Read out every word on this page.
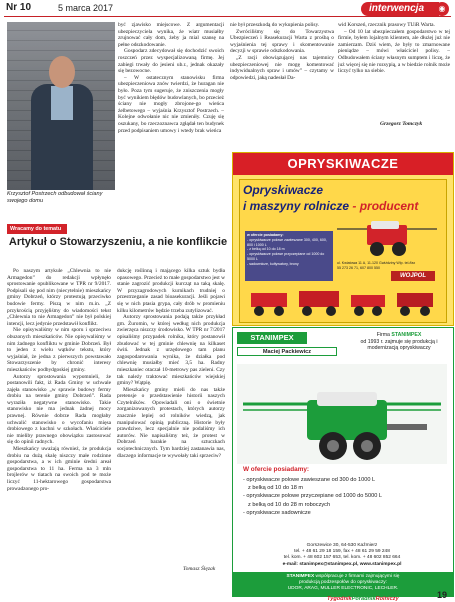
Nr 10	5 marca 2017	interwencja	◉
Krzysztof Postrzech odbudował ściany swojego domu

być zjawisko miejscowe. Z argumentacji ubezpieczyciela wynika, że wiatr musiałby zrujnować cały dom, żeby ja mial szansę na pełne odszkodowanie.

Gospodarz zdecydował się dochodzić swoich roszczeń przez wyspecjalizowaną firmę. Jej zabiegi trwały do jesieni ub.r., jednak okazały się bezowocne.

– W ostatecznym stanowisku firma ubezpieczeniowa znów twierdzi, że huragan nie było. Poza tym sugeruje, że zniszczenia mogły być wynikiem błędów budowlanych, bo przecież ściany nie mogły zbrojone-go wieńca żelbetowego – wyjaśnia Krzysztof Postrzech. – Kolejne odwołanie nic nie zmieniły. Czuję się oszukany, bo rzeczoznawca zgłądał ten budynek przed podpisaniem umowy i wtedy brak wieńca

nie był przeszkodą do wykupienia polisy.

Zwróciliśmy się do Towarzystwa Ubezpieczeń i Reasekuracji Warta z prośbą o wyjaśnienia tej sprawy i skomentowanie decyzji w sprawie odszkodowania.

„Z racji obowiązującej nas tajemnicy ubezpieczeniowej nie mogę komentować indywidualnych spraw i umów” – czytamy w odpowiedzi, jaką nadesłał Da-

wid Korszeń, rzecznik prasowy TUiR Warta.

– Od 10 lat ubezpieczałem gospodarstwo w tej firmie, byłem lojalnym klientem, ale dłużej już nie zamierzam. Dziś wiem, że były to zmarnowane pieniądze – mówi właściciel polisy. – Odbudowałem ściany własnym sumptem i liczę, że już więcej się nie rozsypią, a w biedzie rolnik może liczyć tylko na siebie.

Grzegorz Tomczyk
Wracamy do tematu
Artykuł o Stowarzyszeniu, a nie konflikcie

Po naszym artykule „Chlewnia to nie Armagedon” do redakcji wpłynęło sprostowanie opublikowane w TPR nr 9/2017. Podpisali się pod nim (niecytelnie) mieszkańcy gminy Dobrzeń, którzy protestują przeciwko budowie fermy. Piszą w nim m.in. „Z przykrością przyjęliśmy do wiadomości tekst „Chlewnia to nie Armagedon” nie był polskiej intencji, lecz jedynie przedstawił konflikt.

Nie opisywaliśmy w nim sporu i sprzeciwu obuzonych mieszkańców. Nie opisywaliśmy w nim żadnego konfliktu w gminie Dobrzeń. Był to jeden z wielu wątków tekstu, który wyjaśniał, że jedna z pierwszych powstawało Stowarzyszenie by chronić interesy mieszkańców podbydgoskiej gminy.

Autorzy sprostowania wypomnieli, że postanowili fakt, iż Rada Gminy w uchwale zajęła stanowisko „w sprawie budowy fermy drobiu na terenie gminy Dobrzeń”. Rada wyraziła negatywne stanowisko. Takie stanowisko nie ma jednak żadnej mocy prawnej. Równie dobrze Rada mogłaby uchwalić stanowisko o wycofaniu mięsa drobiowego z kuchni w szkołach. Właściciele nie mieliby prawnego obowiązku zastosować się do opinii radnych.

Mieszkańcy uważają również, że produkcja drobiu na dużą skalę niszczy małe rodzinne gospodarstwa, a w ich gminie średni areał gospodarstwa to 11 ha. Ferma na 3 mln brojlerów w tiatach na swoich pod te może liczyć 11-hektarowego gospodarstwa prowadzonego pro-

dukcję roślinną i mającego kilka sztuk bydła opasowego. Przecież to małe gospodarstwo jest w stanie zagrozić produkcji kurcząt na taką skalę. W przyzagrodowych kurnikach trudniej o przestrzeganie zasad bioasekuracji. Jeśli pojawi się w nich ptasia grypa, cały drób w promieniu kilku kilometrów będzie trzeba zutylizować.

Autorzy sprostowania podają także przykład gm. Żuromin, w której według nich produkcja zwierzęca niszczy środowisko. W TPR nr 7/2017 opisaliśmy przypadek rolnika, który postanowił zbudować w tej gminie chlewnię na kilkaset świń. Jednak z urzędowego tam planu zagospodarowania wynika, że działka pod chlewnię musiałby mieć 3,5 ha. Radny mieszkaniec otaczał 10-metrowy pas zieleni. Czy tak należy traktować mieszkańców wiejskiej gminy? Wątpię.

Mieszkańcy gminy mieli do nas także pretensje o przedstawienie historii naszych Czytelników. Opowiadali oni o świetnie zorganizowanych protestach, których autorzy znacznie lepiej od rolników wiedzą, jak manipulować opinią publiczną. Historie były prawdziwe, lecz specjalnie nie podaliśmy ich autorów. Nie napisaliśmy też, że protest w Dobrzeń barakie na sztuczkach socjotechnicznych. Tym bardziej zastanawia nas, dlaczego informacje te wywołały taki sprzeciw?

Tomasz Ślęzak
OPRYSKIWACZE
Opryskiwacze
i maszyny rolnicze - producent
w ofercie posiadamy:
- opryskiwacze polowe zawieszane 300, 400, 600, 800 i 1000 L
- z belką od 10 do 18 m
- opryskiwacze polowe przyczepiane od 1000 do 5000 L
- sadownicze, kultywatory, brony	ul. Kwiatowa 11 A, 11-120 Gwiździny Wlp. tel./fax 55 273 26 71, 607 800 550
WOJPOL
STANIMPEX
Maciej Packiewicz
Firma STANIMPEX
od 1993 r. zajmuje się produkcją i modernizacją opryskiwaczy
W ofercie posiadamy:
- opryskiwacze polowe zawieszane od 300 do 1000 L
z belką od 10 do 18 m
- opryskiwacze polowe przyczepiane od 1000 do 5000 L
z belką od 10 do 28 m roboczych
- opryskiwacze sadownicze
Gorszewice 30, 64-530 Kaźmierz
tel. + 48 61 29 18 159, fax + 48 61 29 59 248
tel. kom. + 48 602 157 653, tel. kom. + 48 602 852 664
e-mail: stanimpex@stanimpex.pl, www.stanimpex.pl
STANIMPEX współpracuje z firmami zajmującymi się
produkcją podzespołów do opryskiwaczy:
UDOR, ARAG, MULLER ELECTRONIC, LECHLER.
TygodnikPoradnikRolniczy	19
